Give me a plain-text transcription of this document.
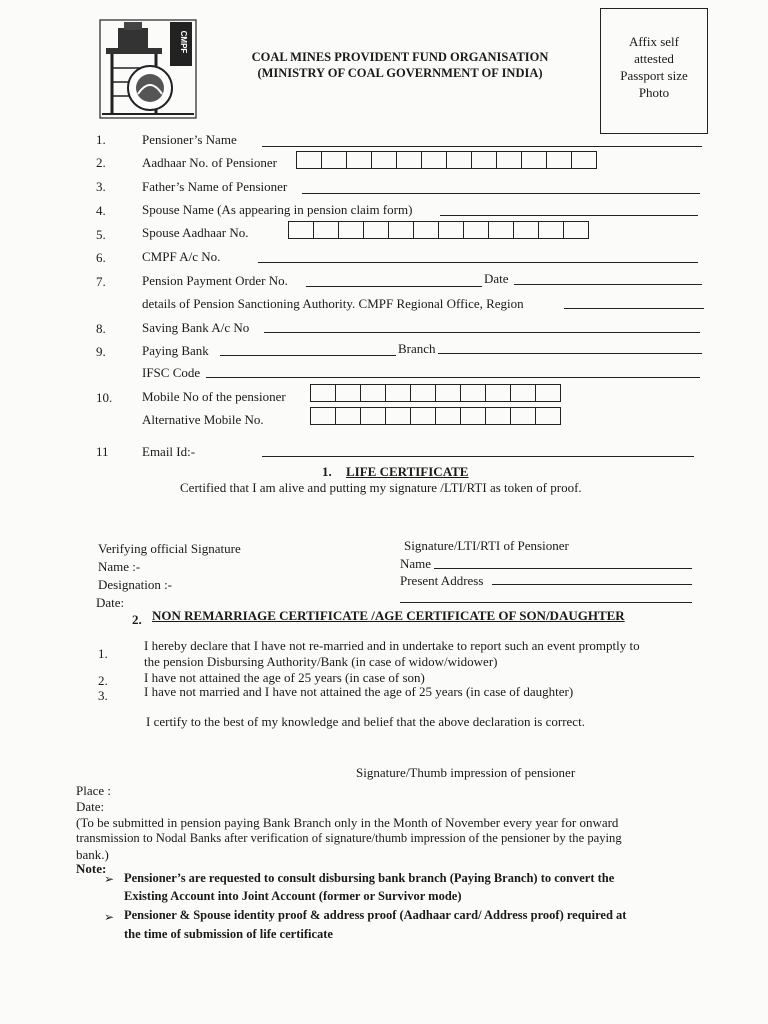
CMPF
COAL MINES PROVIDENT FUND ORGANISATION
(MINISTRY OF COAL GOVERNMENT OF INDIA)
Affix self
attested
Passport size
Photo
1.	Pensioner’s Name
2.	Aadhaar No. of Pensioner
3.	Father’s Name of Pensioner
4.	Spouse Name (As appearing in pension claim form)
5.	Spouse Aadhaar No.
6.	CMPF A/c No.
7.	Pension Payment Order No.	Date
details of Pension Sanctioning Authority. CMPF Regional Office, Region
8.	Saving Bank A/c No
9.	Paying Bank	Branch
IFSC Code
10. Mobile No of the pensioner
Alternative Mobile No.
11	Email Id:-
1. LIFE CERTIFICATE
Certified that I am alive and putting my signature /LTI/RTI as token of proof.
Verifying official Signature
Name :-
Designation :-
Date:
Signature/LTI/RTI of Pensioner
Name
Present Address
2. NON REMARRIAGE CERTIFICATE /AGE CERTIFICATE OF SON/DAUGHTER
1.
I hereby declare that I have not re-married and in undertake to report such an event promptly to
the pension Disbursing Authority/Bank (in case of widow/widower)
2.	I have not attained the age of 25 years (in case of son)
3.	I have not married and I have not attained the age of 25 years (in case of daughter)
I certify to the best of my knowledge and belief that the above declaration is correct.
Signature/Thumb impression of pensioner
Place :
Date:
(To be submitted in pension paying Bank Branch only in the Month of November every year for onward
transmission to Nodal Banks after verification of signature/thumb impression of the pensioner by the paying
bank.)
Note:
➢ Pensioner’s are requested to consult disbursing bank branch (Paying Branch) to convert the
Existing Account into Joint Account (former or Survivor mode)
➢ Pensioner & Spouse identity proof & address proof (Aadhaar card/ Address proof) required at
the time of submission of life certificate
